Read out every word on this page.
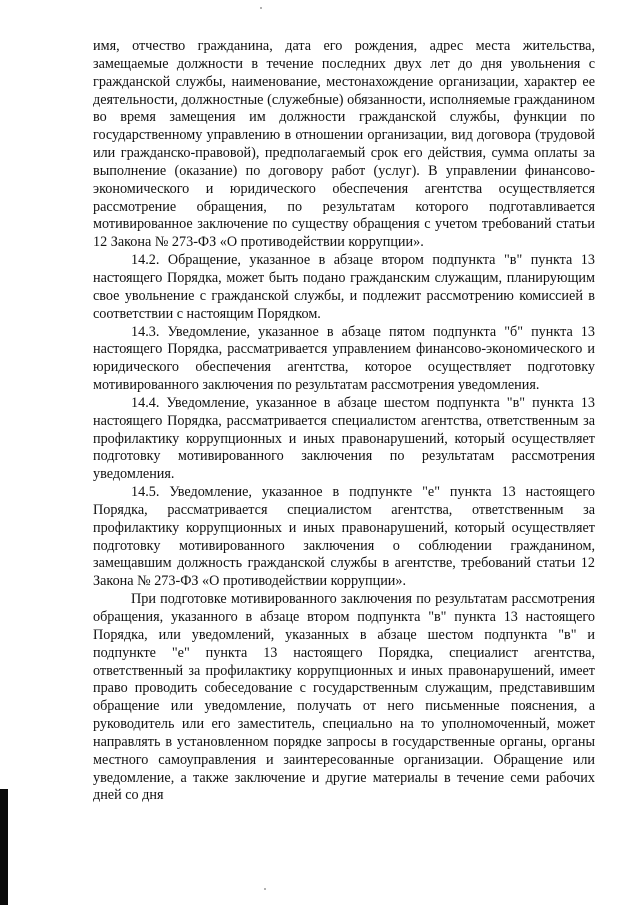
имя, отчество гражданина, дата его рождения, адрес места жительства, замещаемые должности в течение последних двух лет до дня увольнения с гражданской службы, наименование, местонахождение организации, характер ее деятельности, должностные (служебные) обязанности, исполняемые гражданином во время замещения им должности гражданской службы, функции по государственному управлению в отношении организации, вид договора (трудовой или гражданско-правовой), предполагаемый срок его действия, сумма оплаты за выполнение (оказание) по договору работ (услуг). В управлении финансово-экономического и юридического обеспечения агентства осуществляется рассмотрение обращения, по результатам которого подготавливается мотивированное заключение по существу обращения с учетом требований статьи 12 Закона № 273-ФЗ «О противодействии коррупции».

14.2. Обращение, указанное в абзаце втором подпункта "в" пункта 13 настоящего Порядка, может быть подано гражданским служащим, планирующим свое увольнение с гражданской службы, и подлежит рассмотрению комиссией в соответствии с настоящим Порядком.

14.3. Уведомление, указанное в абзаце пятом подпункта "б" пункта 13 настоящего Порядка, рассматривается управлением финансово-экономического и юридического обеспечения агентства, которое осуществляет подготовку мотивированного заключения по результатам рассмотрения уведомления.

14.4. Уведомление, указанное в абзаце шестом подпункта "в" пункта 13 настоящего Порядка, рассматривается специалистом агентства, ответственным за профилактику коррупционных и иных правонарушений, который осуществляет подготовку мотивированного заключения по результатам рассмотрения уведомления.

14.5. Уведомление, указанное в подпункте "е" пункта 13 настоящего Порядка, рассматривается специалистом агентства, ответственным за профилактику коррупционных и иных правонарушений, который осуществляет подготовку мотивированного заключения о соблюдении гражданином, замещавшим должность гражданской службы в агентстве, требований статьи 12 Закона № 273-ФЗ «О противодействии коррупции».

При подготовке мотивированного заключения по результатам рассмотрения обращения, указанного в абзаце втором подпункта "в" пункта 13 настоящего Порядка, или уведомлений, указанных в абзаце шестом подпункта "в" и подпункте "е" пункта 13 настоящего Порядка, специалист агентства, ответственный за профилактику коррупционных и иных правонарушений, имеет право проводить собеседование с государственным служащим, представившим обращение или уведомление, получать от него письменные пояснения, а руководитель или его заместитель, специально на то уполномоченный, может направлять в установленном порядке запросы в государственные органы, органы местного самоуправления и заинтересованные организации. Обращение или уведомление, а также заключение и другие материалы в течение семи рабочих дней со дня
